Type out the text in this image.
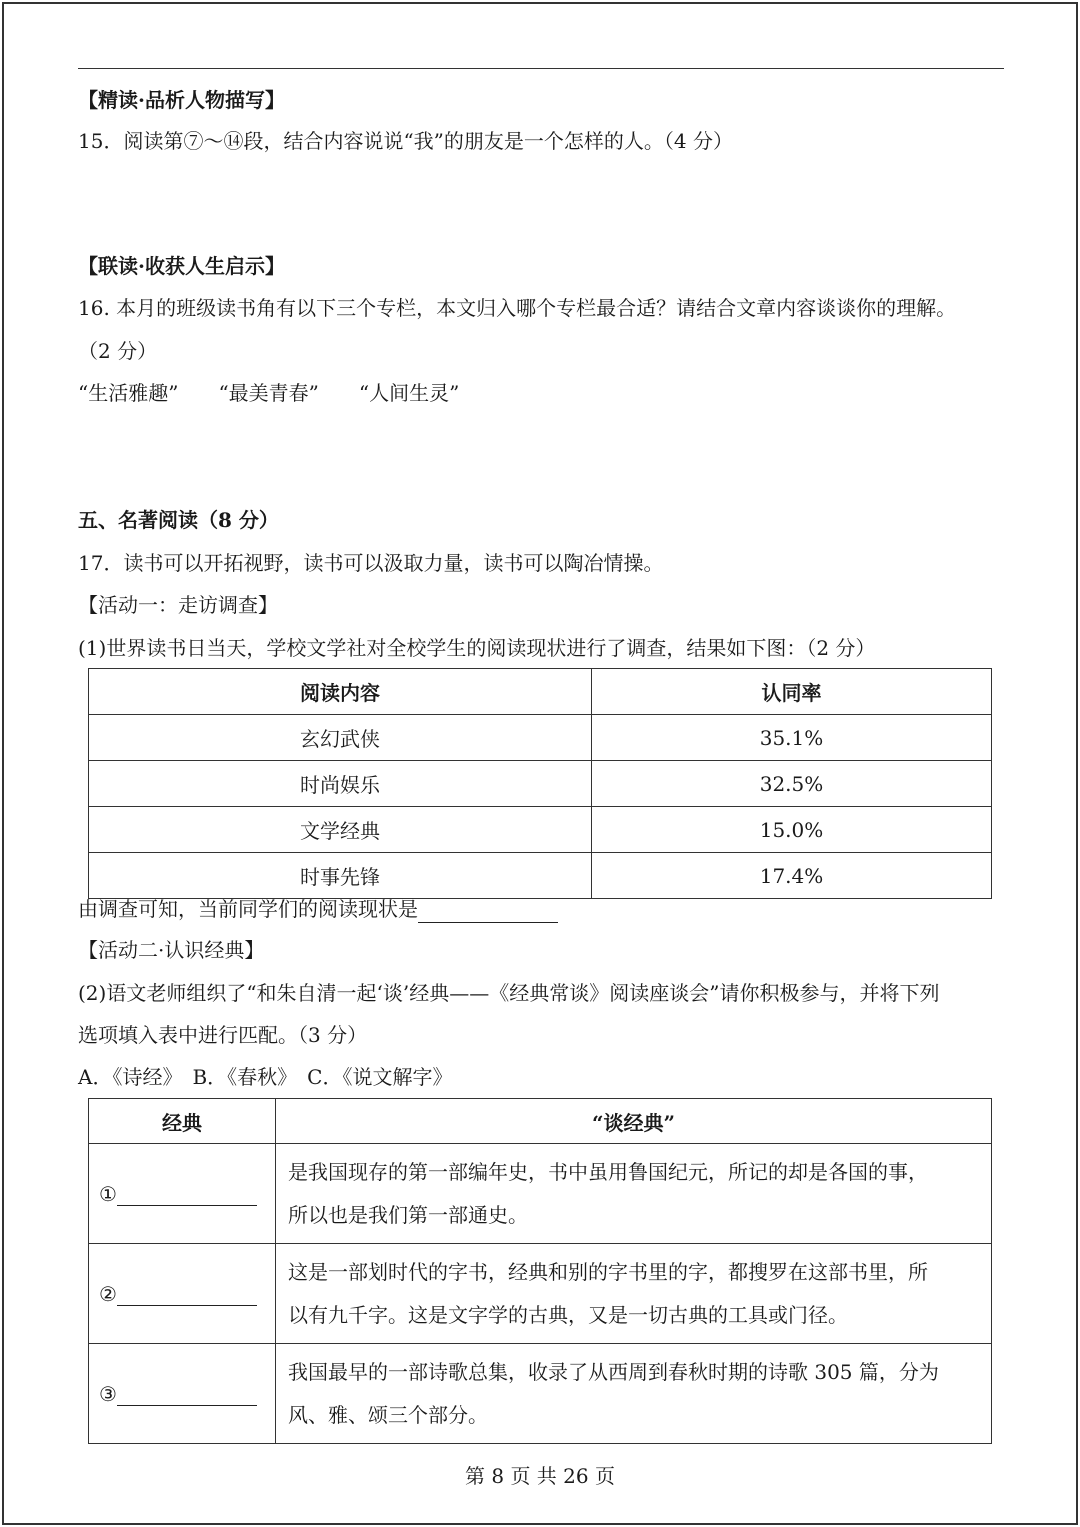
【精读·品析人物描写】
15．阅读第⑦～⑭段，结合内容说说“我”的朋友是一个怎样的人。（4 分）
【联读·收获人生启示】
16. 本月的班级读书角有以下三个专栏，本文归入哪个专栏最合适？请结合文章内容谈谈你的理解。
（2 分）
“生活雅趣” “最美青春” “人间生灵”
五、名著阅读（8 分）
17．读书可以开拓视野，读书可以汲取力量，读书可以陶冶情操。
【活动一：走访调查】
(1)世界读书日当天，学校文学社对全校学生的阅读现状进行了调查，结果如下图：（2 分）
阅读内容	认同率
玄幻武侠	35.1%
时尚娱乐	32.5%
文学经典	15.0%
时事先锋	17.4%
由调查可知，当前同学们的阅读现状是
【活动二·认识经典】
(2)语文老师组织了“和朱自清一起‘谈’经典——《经典常谈》阅读座谈会”请你积极参与，并将下列
选项填入表中进行匹配。（3 分）
A．《诗经》　B．《春秋》　C．《说文解字》
经典	“谈经典”
①	是我国现存的第一部编年史，书中虽用鲁国纪元，所记的却是各国的事，
所以也是我们第一部通史。

②	这是一部划时代的字书，经典和别的字书里的字，都搜罗在这部书里，所
以有九千字。这是文字学的古典，又是一切古典的工具或门径。

③	我国最早的一部诗歌总集，收录了从西周到春秋时期的诗歌 305 篇，分为
风、雅、颂三个部分。
第 8 页 共 26 页
